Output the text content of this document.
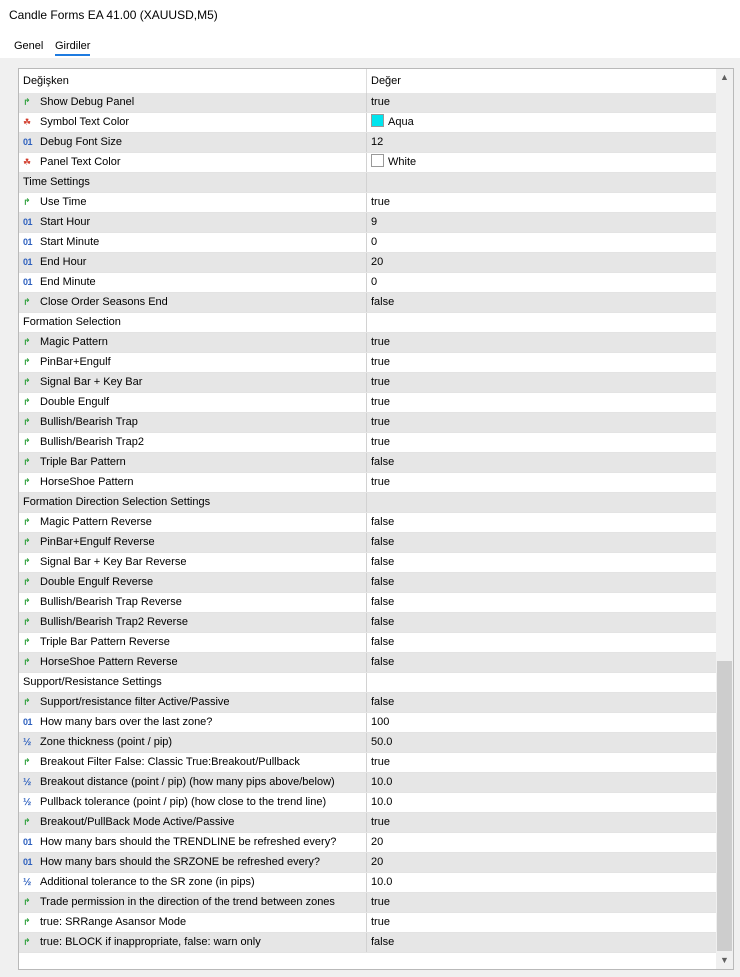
Candle Forms EA 41.00 (XAUUSD,M5)
Genel Girdiler
Değişken	Değer
↱ Show Debug Panel	true
☘ Symbol Text Color	Aqua
01 Debug Font Size	12
☘ Panel Text Color	White
Time Settings
↱ Use Time	true
01 Start Hour	9
01 Start Minute	0
01 End Hour	20
01 End Minute	0
↱ Close Order Seasons End	false
Formation Selection
↱ Magic Pattern	true
↱ PinBar+Engulf	true
↱ Signal Bar + Key Bar	true
↱ Double Engulf	true
↱ Bullish/Bearish Trap	true
↱ Bullish/Bearish Trap2	true
↱ Triple Bar Pattern	false
↱ HorseShoe Pattern	true
Formation Direction Selection Settings
↱ Magic Pattern Reverse	false
↱ PinBar+Engulf Reverse	false
↱ Signal Bar + Key Bar Reverse	false
↱ Double Engulf Reverse	false
↱ Bullish/Bearish Trap Reverse	false
↱ Bullish/Bearish Trap2 Reverse	false
↱ Triple Bar Pattern Reverse	false
↱ HorseShoe Pattern Reverse	false
Support/Resistance Settings
↱ Support/resistance filter Active/Passive	false
01 How many bars over the last zone?	100
½ Zone thickness (point / pip)	50.0
↱ Breakout Filter False: Classic True:Breakout/Pullback	true
½ Breakout distance (point / pip) (how many pips above/below)	10.0
½ Pullback tolerance (point / pip) (how close to the trend line)	10.0
↱ Breakout/PullBack Mode Active/Passive	true
01 How many bars should the TRENDLINE be refreshed every?	20
01 How many bars should the SRZONE be refreshed every?	20
½ Additional tolerance to the SR zone (in pips)	10.0
↱ Trade permission in the direction of the trend between zones	true
↱ true: SRRange Asansor Mode	true
↱ true: BLOCK if inappropriate, false: warn only	false
▲
▼
